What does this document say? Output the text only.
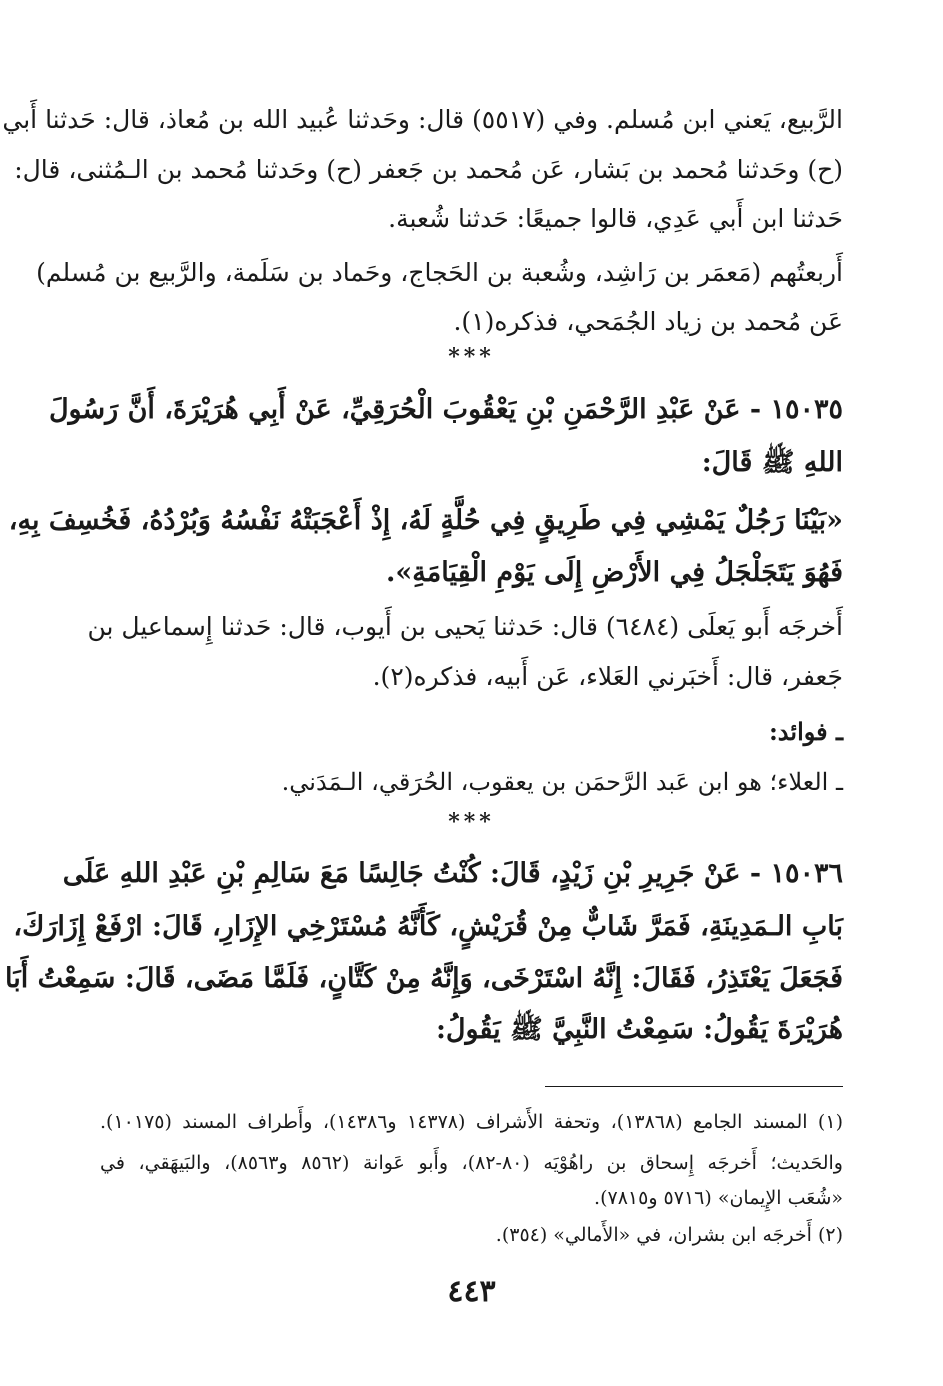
الرَّبيع، يَعني ابن مُسلم. وفي (٥٥١٧) قال: وحَدثنا عُبيد الله بن مُعاذ، قال: حَدثنا أَبي
(ح) وحَدثنا مُحمد بن بَشار، عَن مُحمد بن جَعفر (ح) وحَدثنا مُحمد بن الـمُثنى، قال:
حَدثنا ابن أَبي عَدِي، قالوا جميعًا: حَدثنا شُعبة.
أَربعتُهم (مَعمَر بن رَاشِد، وشُعبة بن الحَجاج، وحَماد بن سَلَمة، والرَّبيع بن مُسلم)
عَن مُحمد بن زياد الجُمَحي، فذكره(١).
***
١٥٠٣٥ - عَنْ عَبْدِ الرَّحْمَنِ بْنِ يَعْقُوبَ الْحُرَقِيِّ، عَنْ أَبِي هُرَيْرَةَ، أَنَّ رَسُولَ
اللهِ ﷺ قَالَ:
«بَيْنَا رَجُلٌ يَمْشِي فِي طَرِيقٍ فِي حُلَّةٍ لَهُ، إِذْ أَعْجَبَتْهُ نَفْسُهُ وَبُرْدُهُ، فَخُسِفَ بِهِ،
فَهُوَ يَتَجَلْجَلُ فِي الأَرْضِ إِلَى يَوْمِ الْقِيَامَةِ».
أَخرجَه أَبو يَعلَى (٦٤٨٤) قال: حَدثنا يَحيى بن أَيوب، قال: حَدثنا إِسماعيل بن
جَعفر، قال: أَخبَرني العَلاء، عَن أَبيه، فذكره(٢).
ـ فوائد:
ـ العلاء؛ هو ابن عَبد الرَّحمَن بن يعقوب، الحُرَقي، الـمَدَني.
***
١٥٠٣٦ - عَنْ جَرِيرِ بْنِ زَيْدٍ، قَالَ: كُنْتُ جَالِسًا مَعَ سَالِمِ بْنِ عَبْدِ اللهِ عَلَى
بَابِ الـمَدِينَةِ، فَمَرَّ شَابٌّ مِنْ قُرَيْشٍ، كَأَنَّهُ مُسْتَرْخِي الإِزَارِ، قَالَ: ارْفَعْ إِزَارَكَ،
فَجَعَلَ يَعْتَذِرُ، فَقَالَ: إِنَّهُ اسْتَرْخَى، وَإِنَّهُ مِنْ كَتَّانٍ، فَلَمَّا مَضَى، قَالَ: سَمِعْتُ أَبَا
هُرَيْرَةَ يَقُولُ: سَمِعْتُ النَّبِيَّ ﷺ يَقُولُ:
(١) المسند الجامع (١٣٨٦٨)، وتحفة الأَشراف (١٤٣٧٨ و١٤٣٨٦)، وأَطراف المسند (١٠١٧٥).
والحَديث؛ أَخرجَه إِسحاق بن راهُوْيَه (٨٠-٨٢)، وأَبو عَوانة (٨٥٦٢ و٨٥٦٣)، والبَيهَقي، في
«شُعَب الإِيمان» (٥٧١٦ و٧٨١٥).
(٢) أَخرجَه ابن بشران، في «الأَمالي» (٣٥٤).
٤٤٣
